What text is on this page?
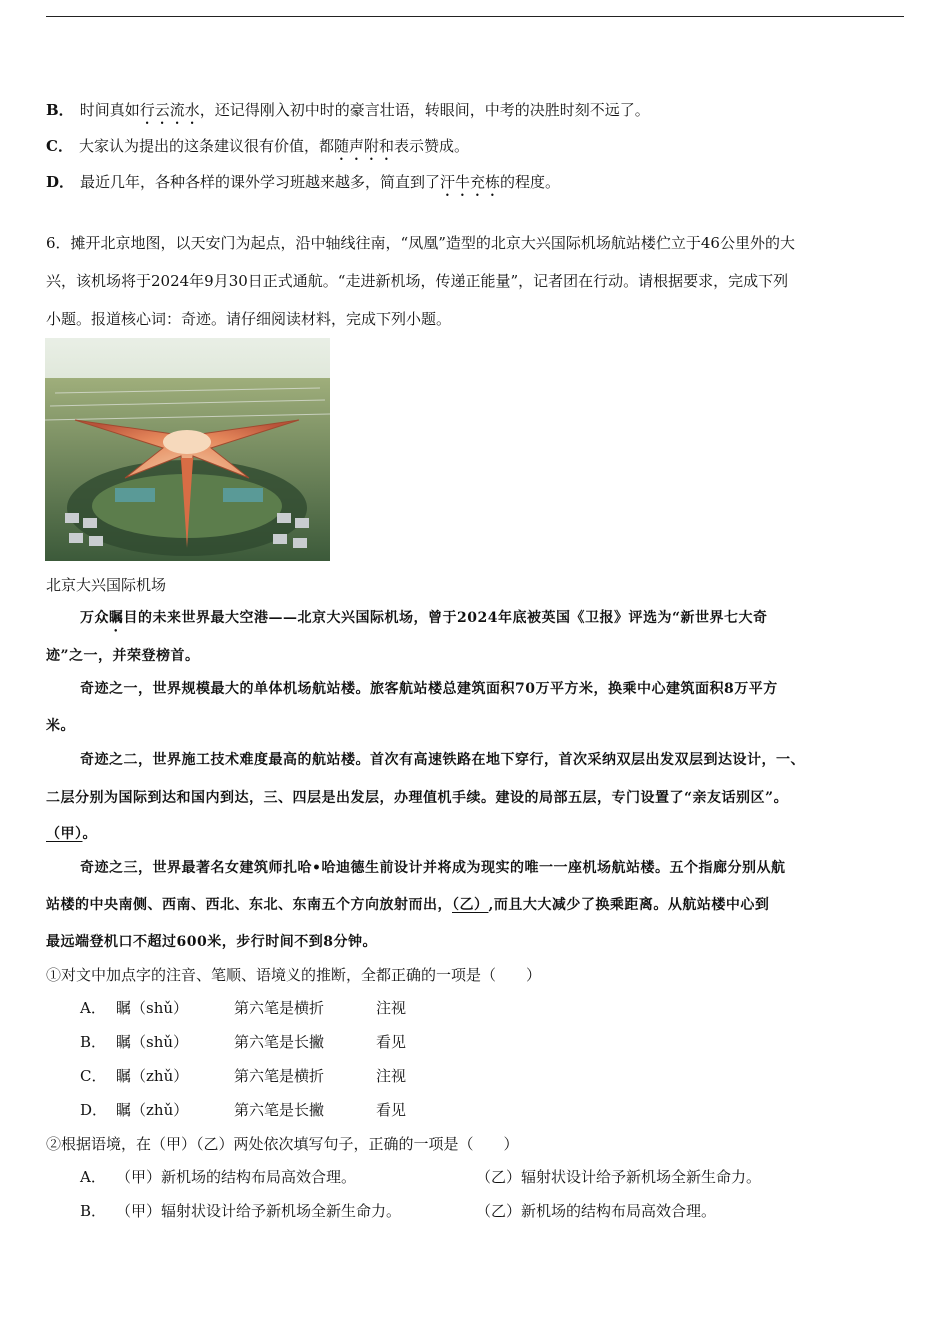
B． 时间真如行云流水，还记得刚入初中时的豪言壮语，转眼间，中考的决胜时刻不远了。
C． 大家认为提出的这条建议很有价值，都随声附和表示赞成。
D． 最近几年，各种各样的课外学习班越来越多，简直到了汗牛充栋的程度。
6．摊开北京地图，以天安门为起点，沿中轴线往南，“凤凰”造型的北京大兴国际机场航站楼伫立于46公里外的大
兴，该机场将于2024年9月30日正式通航。“走进新机场，传递正能量”，记者团在行动。请根据要求，完成下列
小题。报道核心词：奇迹。请仔细阅读材料，完成下列小题。
北京大兴国际机场
万众瞩目的未来世界最大空港——北京大兴国际机场，曾于2024年底被英国《卫报》评选为“新世界七大奇
迹”之一，并荣登榜首。
奇迹之一，世界规模最大的单体机场航站楼。旅客航站楼总建筑面积70万平方米，换乘中心建筑面积8万平方
米。
奇迹之二，世界施工技术难度最高的航站楼。首次有高速铁路在地下穿行，首次采纳双层出发双层到达设计，一、
二层分别为国际到达和国内到达，三、四层是出发层，办理值机手续。建设的局部五层，专门设置了“亲友话别区”。
（甲）。
奇迹之三，世界最著名女建筑师扎哈•哈迪德生前设计并将成为现实的唯一一座机场航站楼。五个指廊分别从航
站楼的中央南侧、西南、西北、东北、东南五个方向放射而出，（乙）,而且大大减少了换乘距离。从航站楼中心到
最远端登机口不超过600米，步行时间不到8分钟。
①对文中加点字的注音、笔顺、语境义的推断，全都正确的一项是（　　）
A． 瞩（shǔ）	第六笔是横折	注视
B． 瞩（shǔ）	第六笔是长撇	看见
C． 瞩（zhǔ）	第六笔是横折	注视
D． 瞩（zhǔ）	第六笔是长撇	看见
②根据语境，在（甲）（乙）两处依次填写句子，正确的一项是（　　）
A． （甲）新机场的结构布局高效合理。	（乙）辐射状设计给予新机场全新生命力。
B． （甲）辐射状设计给予新机场全新生命力。	（乙）新机场的结构布局高效合理。
